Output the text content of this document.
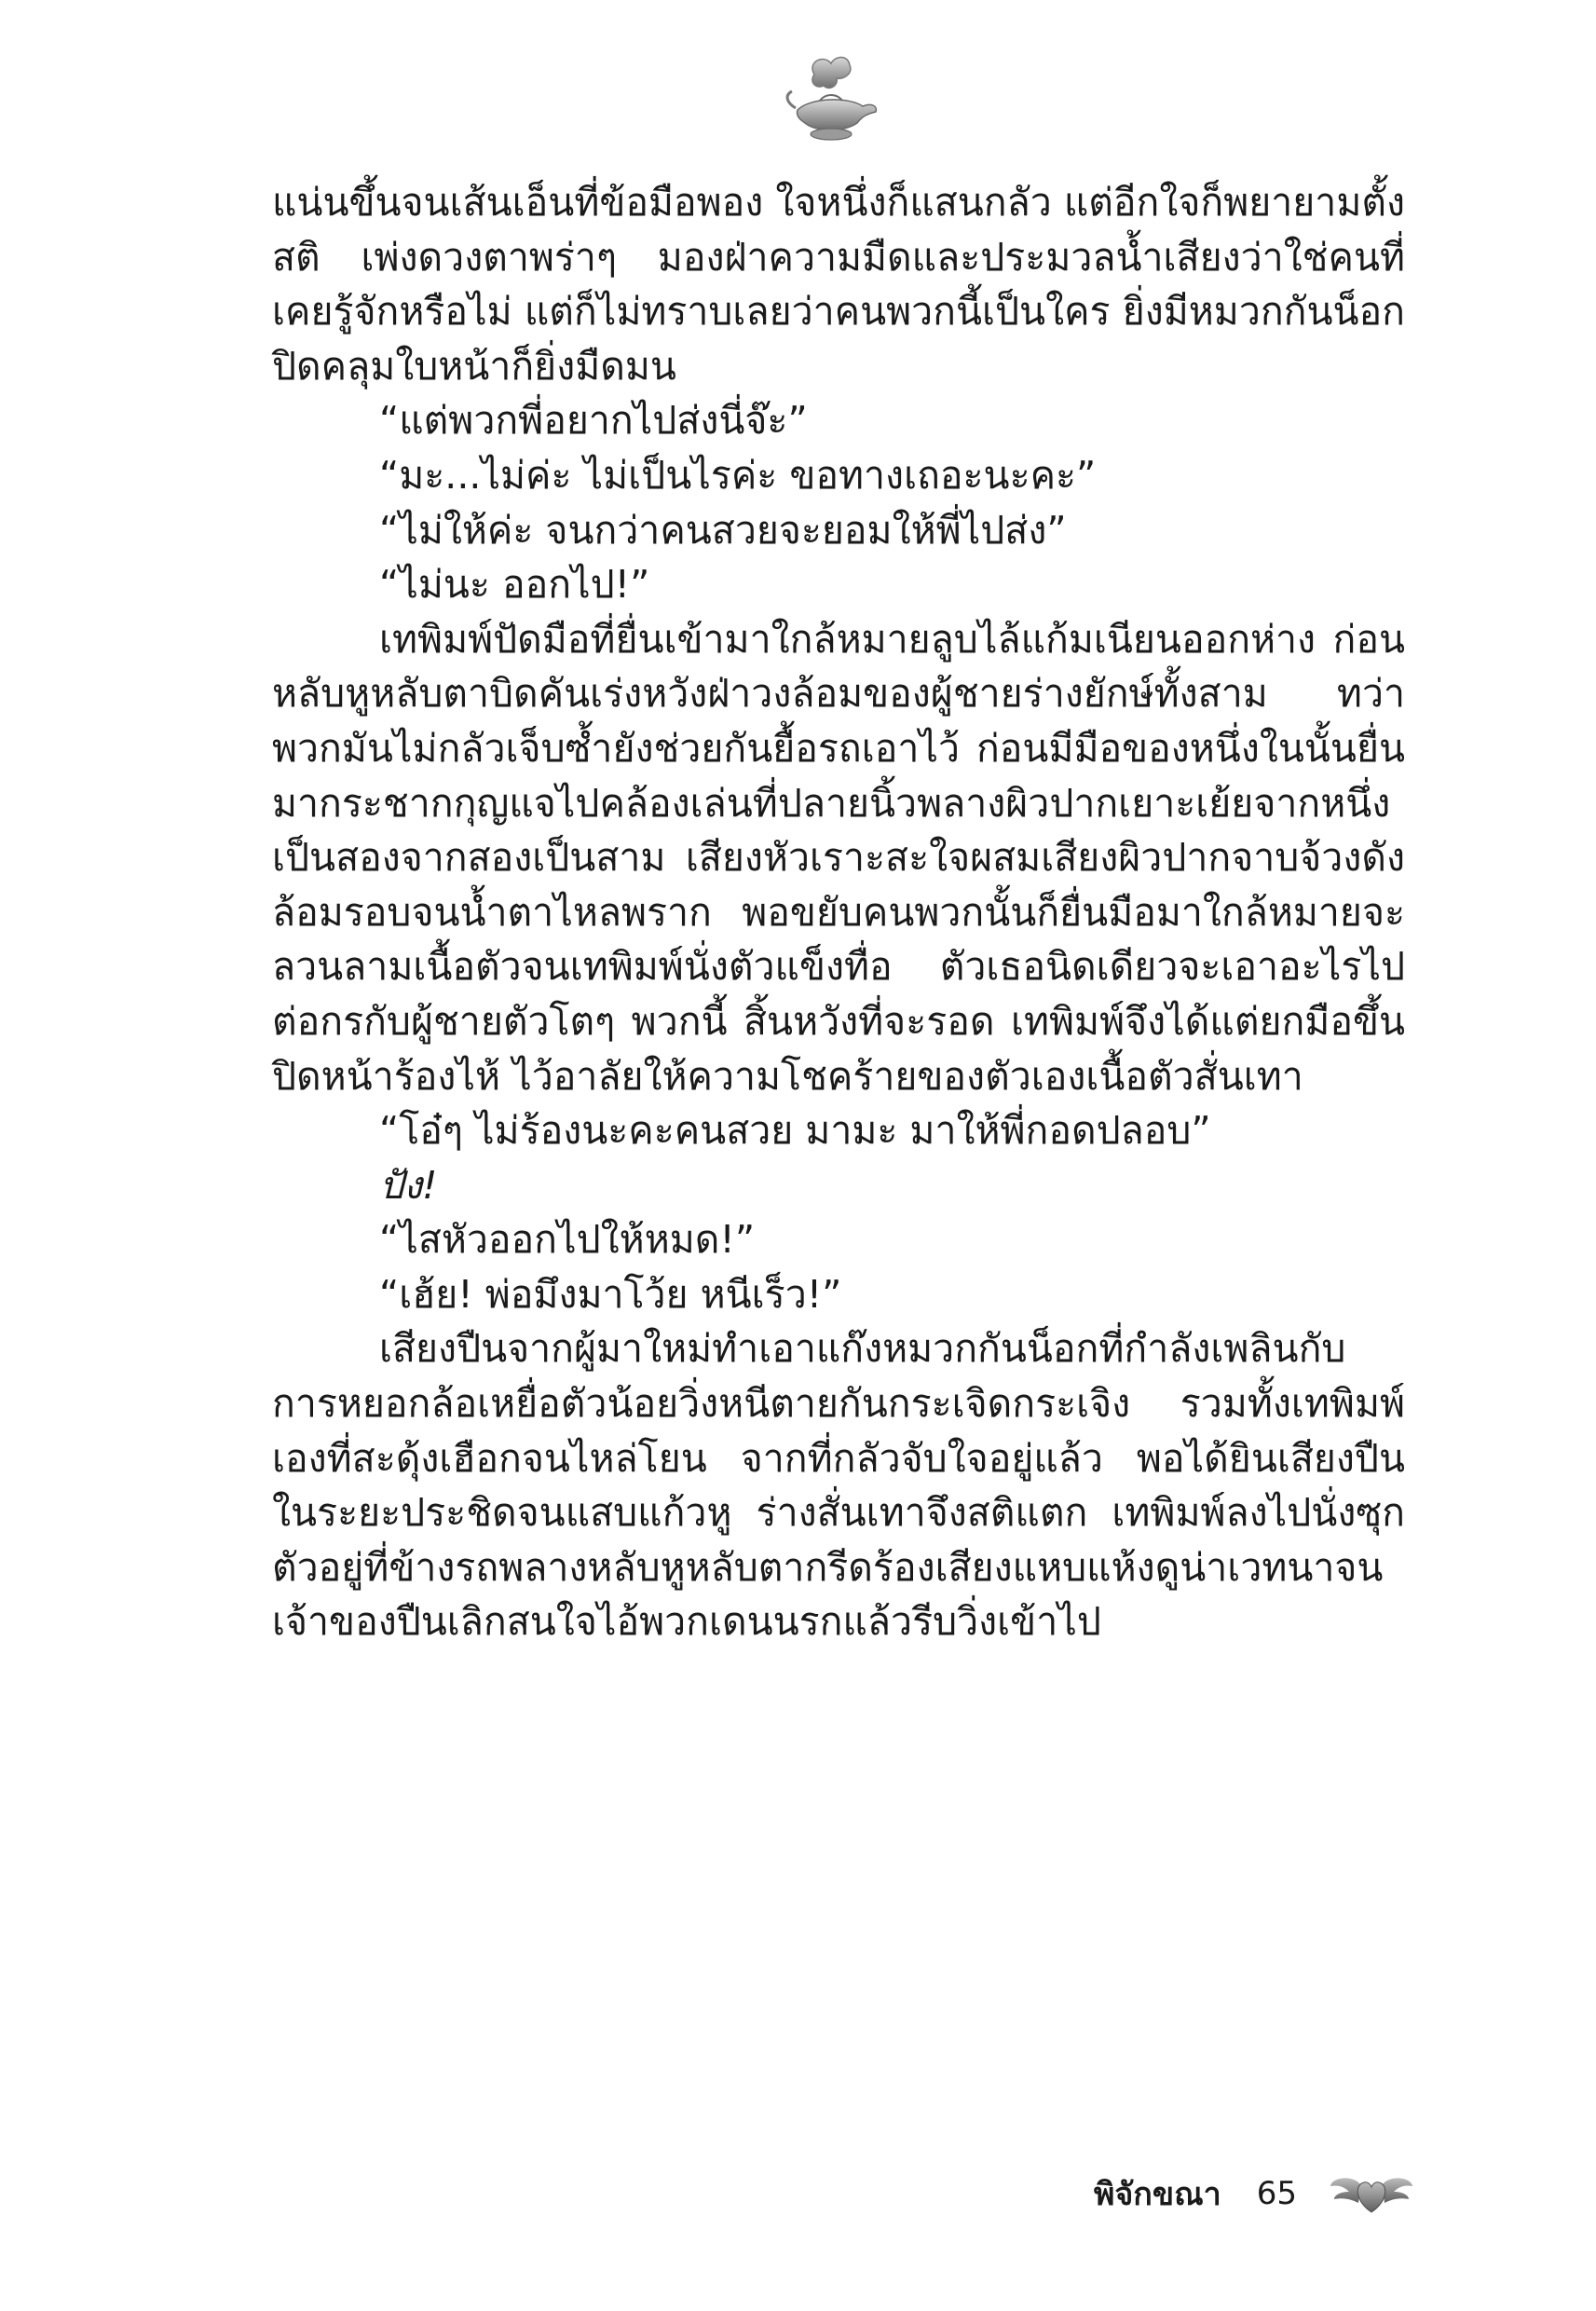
แน่นขึ้นจนเส้นเอ็นที่ข้อมือพอง ใจหนึ่งก็แสนกลัว แต่อีกใจก็พยายามตั้งสติ เพ่งดวงตาพร่าๆ มองฝ่าความมืดและประมวลน้ำเสียงว่าใช่คนที่เคยรู้จักหรือไม่ แต่ก็ไม่ทราบเลยว่าคนพวกนี้เป็นใคร ยิ่งมีหมวกกันน็อกปิดคลุมใบหน้าก็ยิ่งมืดมน

“แต่พวกพี่อยากไปส่งนี่จ๊ะ”

“มะ...ไม่ค่ะ ไม่เป็นไรค่ะ ขอทางเถอะนะคะ”

“ไม่ให้ค่ะ จนกว่าคนสวยจะยอมให้พี่ไปส่ง”

“ไม่นะ ออกไป!”

เทพิมพ์ปัดมือที่ยื่นเข้ามาใกล้หมายลูบไล้แก้มเนียนออกห่าง ก่อนหลับหูหลับตาบิดคันเร่งหวังฝ่าวงล้อมของผู้ชายร่างยักษ์ทั้งสาม ทว่าพวกมันไม่กลัวเจ็บซ้ำยังช่วยกันยื้อรถเอาไว้ ก่อนมีมือของหนึ่งในนั้นยื่นมากระชากกุญแจไปคล้องเล่นที่ปลายนิ้วพลางผิวปากเยาะเย้ยจากหนึ่งเป็นสองจากสองเป็นสาม เสียงหัวเราะสะใจผสมเสียงผิวปากจาบจ้วงดังล้อมรอบจนน้ำตาไหลพราก พอขยับคนพวกนั้นก็ยื่นมือมาใกล้หมายจะลวนลามเนื้อตัวจนเทพิมพ์นั่งตัวแข็งทื่อ ตัวเธอนิดเดียวจะเอาอะไรไปต่อกรกับผู้ชายตัวโตๆ พวกนี้ สิ้นหวังที่จะรอด เทพิมพ์จึงได้แต่ยกมือขึ้นปิดหน้าร้องไห้ ไว้อาลัยให้ความโชคร้ายของตัวเองเนื้อตัวสั่นเทา

“โอ๋ๆ ไม่ร้องนะคะคนสวย มามะ มาให้พี่กอดปลอบ”

ปัง!

“ไสหัวออกไปให้หมด!”

“เฮ้ย! พ่อมึงมาโว้ย หนีเร็ว!”

เสียงปืนจากผู้มาใหม่ทำเอาแก๊งหมวกกันน็อกที่กำลังเพลินกับการหยอกล้อเหยื่อตัวน้อยวิ่งหนีตายกันกระเจิดกระเจิง รวมทั้งเทพิมพ์เองที่สะดุ้งเฮือกจนไหล่โยน จากที่กลัวจับใจอยู่แล้ว พอได้ยินเสียงปืนในระยะประชิดจนแสบแก้วหู ร่างสั่นเทาจึงสติแตก เทพิมพ์ลงไปนั่งซุกตัวอยู่ที่ข้างรถพลางหลับหูหลับตากรีดร้องเสียงแหบแห้งดูน่าเวทนาจนเจ้าของปืนเลิกสนใจไอ้พวกเดนนรกแล้วรีบวิ่งเข้าไป

พิจักขณา 65
